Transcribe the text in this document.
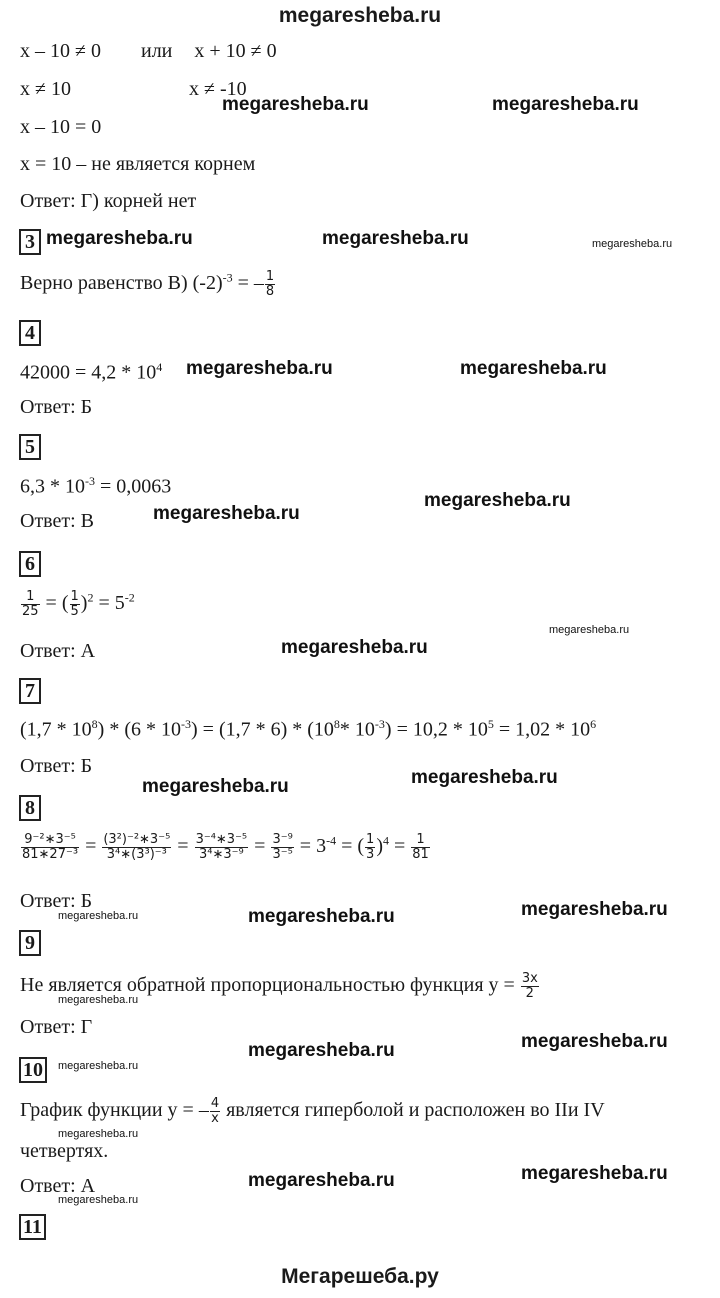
megaresheba.ru
x – 10 ≠ 0 или x + 10 ≠ 0
x ≠ 10	x ≠ -10
x – 10 = 0
x = 10 – не является корнем
Ответ: Г) корней нет
3
Верно равенство В) $(-2)^{-3}$ = – $\frac{1}{8}$
4
$42000 = 4,2 * 10^4$
Ответ: Б
5
$6,3 * 10^{-3} = 0,0063$
Ответ: В
6
$\frac{1}{25}$ = ( $\frac{1}{5} )^2 = 5^{-2}$
Ответ: А
7
$(1,7 * 10^8) * (6 * 10^{-3}) = (1,7 * 6) * (10^8*$ $10^{-3}) = 10,2 * 10^5 = 1,02 * 10^6$
Ответ: Б
8
$\frac{\text{9⁻²∗3⁻⁵}}{\text{81∗27⁻³}} = \frac{\text{(3²)⁻²∗3⁻⁵}}{\text{3⁴∗(3³)⁻³}} = \frac{\text{3⁻⁴∗3⁻⁵}}{\text{3⁴∗3⁻⁹}} = \frac{\text{3⁻⁹}}{\text{3⁻⁵}} = 3^{-4}$ = ( $\frac{1}{3} )^4 = \frac{1}{81}$
Ответ: Б
9
Не является обратной пропорциональностью функция $y = \frac{3x}{2}$
Ответ: Г
10
График функции y = – $\frac{4}{x}$ является гиперболой и расположен во IIи IV
четвертях.
Ответ: А
11
megaresheba.ru	megaresheba.ru
megaresheba.ru	megaresheba.ru	megaresheba.ru
megaresheba.ru	megaresheba.ru
megaresheba.ru
megaresheba.ru
megaresheba.ru
megaresheba.ru
megaresheba.ru
megaresheba.ru
megaresheba.ru	megaresheba.ru
megaresheba.ru
megaresheba.ru
megaresheba.ru
megaresheba.ru
megaresheba.ru
megaresheba.ru
megaresheba.ru
megaresheba.ru
megaresheba.ru
Мегарешеба.ру
